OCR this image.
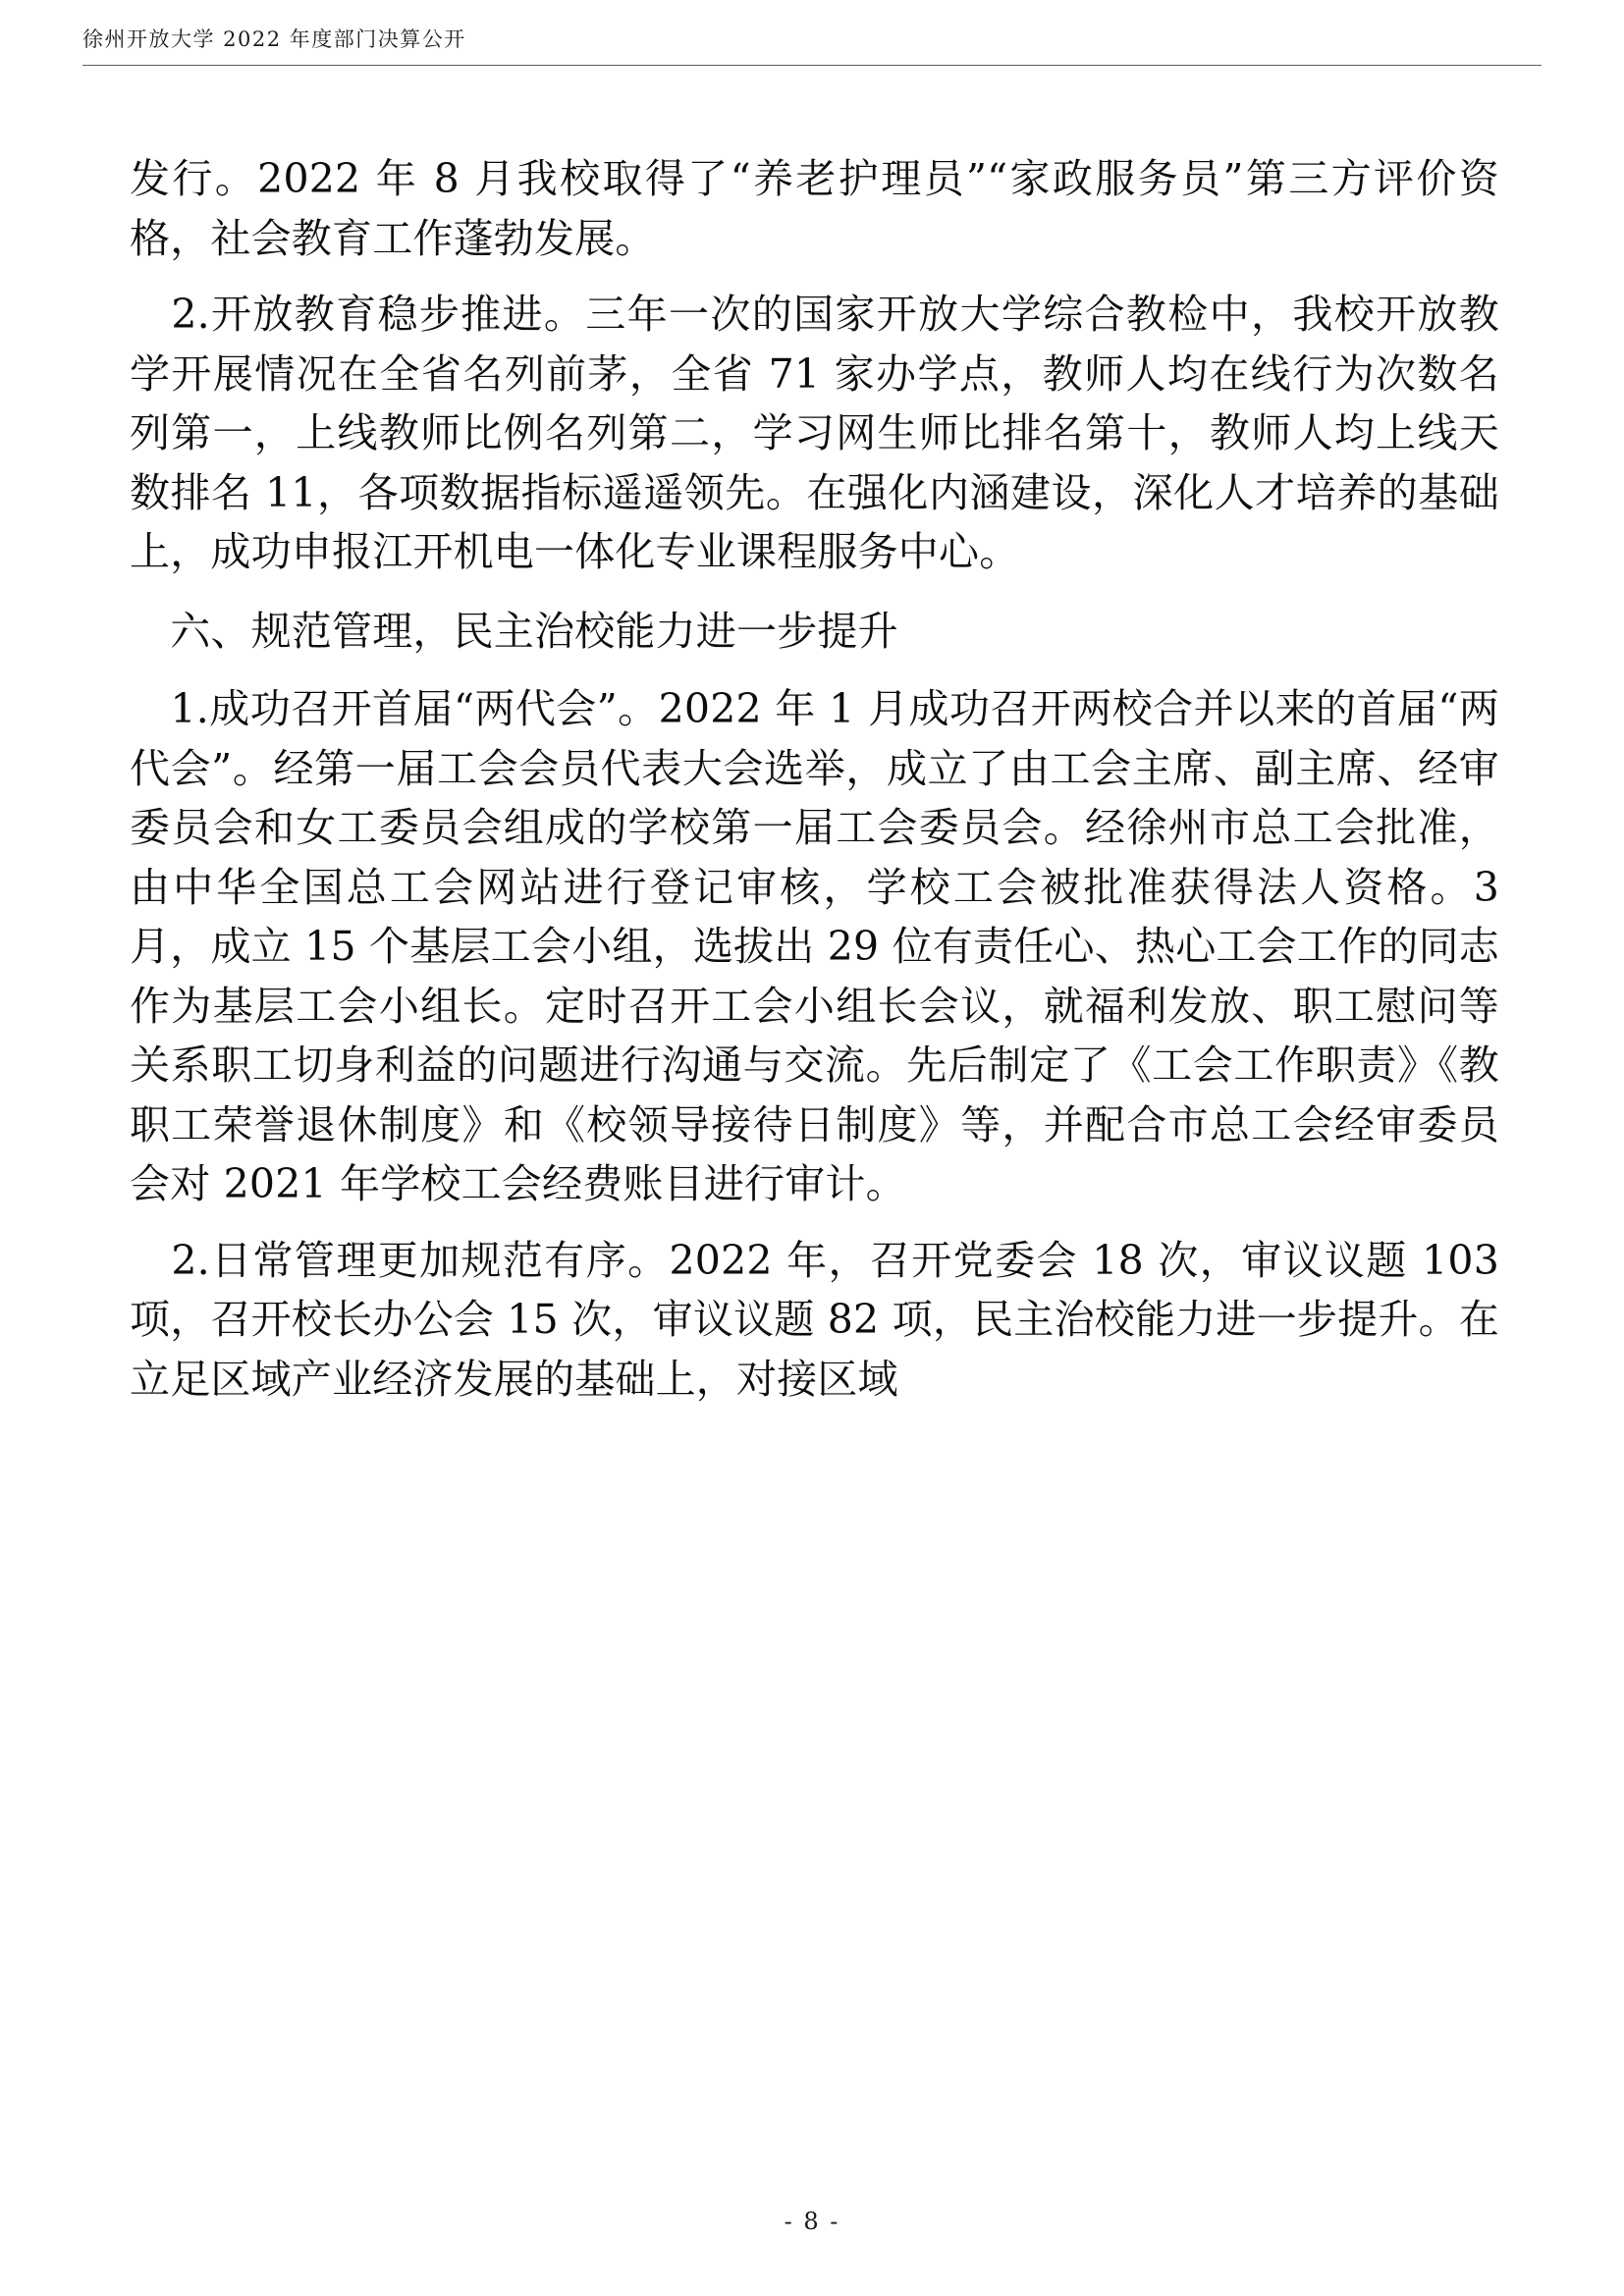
徐州开放大学 2022 年度部门决算公开

发行。2022 年 8 月我校取得了“养老护理员”“家政服务员”第三方评价资格，社会教育工作蓬勃发展。

　2.开放教育稳步推进。三年一次的国家开放大学综合教检中，我校开放教学开展情况在全省名列前茅，全省 71 家办学点，教师人均在线行为次数名列第一，上线教师比例名列第二，学习网生师比排名第十，教师人均上线天数排名 11，各项数据指标遥遥领先。在强化内涵建设，深化人才培养的基础上，成功申报江开机电一体化专业课程服务中心。

　六、规范管理，民主治校能力进一步提升

　1.成功召开首届“两代会”。2022 年 1 月成功召开两校合并以来的首届“两代会”。经第一届工会会员代表大会选举，成立了由工会主席、副主席、经审委员会和女工委员会组成的学校第一届工会委员会。经徐州市总工会批准，由中华全国总工会网站进行登记审核，学校工会被批准获得法人资格。3 月，成立 15 个基层工会小组，选拔出 29 位有责任心、热心工会工作的同志作为基层工会小组长。定时召开工会小组长会议，就福利发放、职工慰问等关系职工切身利益的问题进行沟通与交流。先后制定了《工会工作职责》《教职工荣誉退休制度》和《校领导接待日制度》等，并配合市总工会经审委员会对 2021 年学校工会经费账目进行审计。

　2.日常管理更加规范有序。2022 年，召开党委会 18 次，审议议题 103 项，召开校长办公会 15 次，审议议题 82 项，民主治校能力进一步提升。在立足区域产业经济发展的基础上，对接区域

- 8 -
